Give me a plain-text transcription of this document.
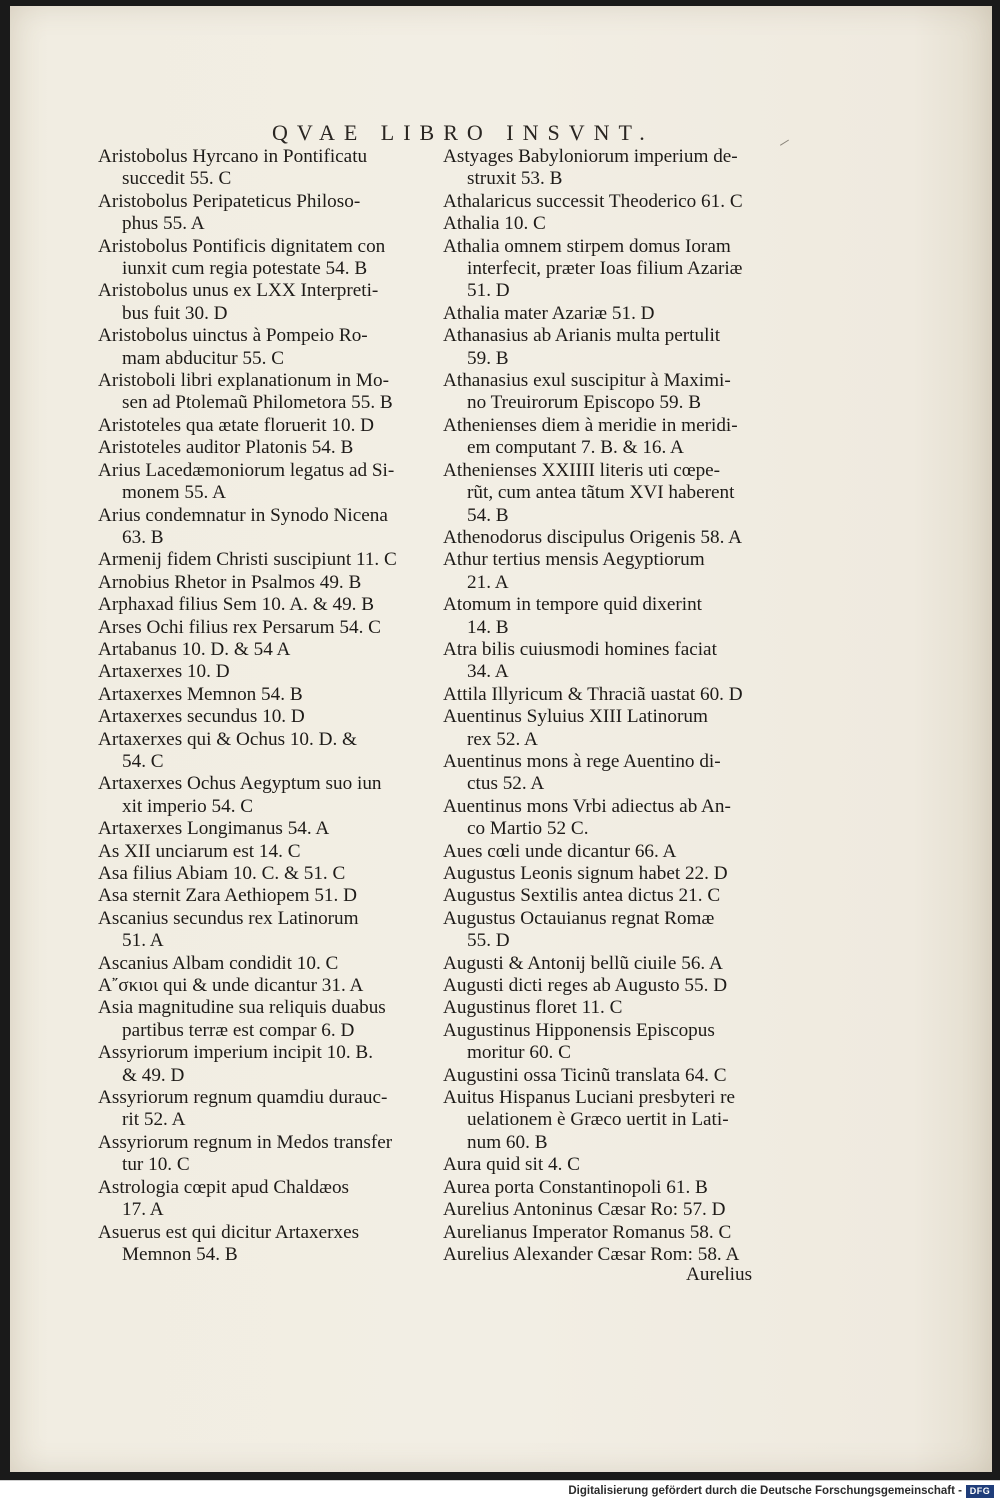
QVAE LIBRO INSVNT.
Aristobolus Hyrcano in Pontificatu
succedit 55. C
Aristobolus Peripateticus Philoso-
phus 55. A
Aristobolus Pontificis dignitatem con
iunxit cum regia potestate 54. B
Aristobolus unus ex LXX Interpreti-
bus fuit 30. D
Aristobolus uinctus à Pompeio Ro-
mam abducitur 55. C
Aristoboli libri explanationum in Mo-
sen ad Ptolemaũ Philometora 55. B
Aristoteles qua ætate floruerit 10. D
Aristoteles auditor Platonis 54. B
Arius Lacedæmoniorum legatus ad Si-
monem 55. A
Arius condemnatur in Synodo Nicena
63. B
Armenij fidem Christi suscipiunt 11. C
Arnobius Rhetor in Psalmos 49. B
Arphaxad filius Sem 10. A. & 49. B
Arses Ochi filius rex Persarum 54. C
Artabanus 10. D. & 54 A
Artaxerxes 10. D
Artaxerxes Memnon 54. B
Artaxerxes secundus 10. D
Artaxerxes qui & Ochus 10. D. &
54. C
Artaxerxes Ochus Aegyptum suo iun
xit imperio 54. C
Artaxerxes Longimanus 54. A
As XII unciarum est 14. C
Asa filius Abiam 10. C. & 51. C
Asa sternit Zara Aethiopem 51. D
Ascanius secundus rex Latinorum
51. A
Ascanius Albam condidit 10. C
Α῎σκιοι qui & unde dicantur 31. A
Asia magnitudine sua reliquis duabus
partibus terræ est compar 6. D
Assyriorum imperium incipit 10. B.
& 49. D
Assyriorum regnum quamdiu durauc-
rit 52. A
Assyriorum regnum in Medos transfer
tur 10. C
Astrologia cœpit apud Chaldæos
17. A
Asuerus est qui dicitur Artaxerxes
Memnon 54. B
Astyages Babyloniorum imperium de-
struxit 53. B
Athalaricus successit Theoderico 61. C
Athalia 10. C
Athalia omnem stirpem domus Ioram
interfecit, præter Ioas filium Azariæ
51. D
Athalia mater Azariæ 51. D
Athanasius ab Arianis multa pertulit
59. B
Athanasius exul suscipitur à Maximi-
no Treuirorum Episcopo 59. B
Athenienses diem à meridie in meridi-
em computant 7. B. & 16. A
Athenienses XXIIII literis uti cœpe-
rũt, cum antea tãtum XVI haberent
54. B
Athenodorus discipulus Origenis 58. A
Athur tertius mensis Aegyptiorum
21. A
Atomum in tempore quid dixerint
14. B
Atra bilis cuiusmodi homines faciat
34. A
Attila Illyricum & Thraciã uastat 60. D
Auentinus Syluius XIII Latinorum
rex 52. A
Auentinus mons à rege Auentino di-
ctus 52. A
Auentinus mons Vrbi adiectus ab An-
co Martio 52 C.
Aues cœli unde dicantur 66. A
Augustus Leonis signum habet 22. D
Augustus Sextilis antea dictus 21. C
Augustus Octauianus regnat Romæ
55. D
Augusti & Antonij bellũ ciuile 56. A
Augusti dicti reges ab Augusto 55. D
Augustinus floret 11. C
Augustinus Hipponensis Episcopus
moritur 60. C
Augustini ossa Ticinũ translata 64. C
Auitus Hispanus Luciani presbyteri re
uelationem è Græco uertit in Lati-
num 60. B
Aura quid sit 4. C
Aurea porta Constantinopoli 61. B
Aurelius Antoninus Cæsar Ro: 57. D
Aurelianus Imperator Romanus 58. C
Aurelius Alexander Cæsar Rom: 58. A
Aurelius
Digitalisierung gefördert durch die Deutsche Forschungsgemeinschaft - DFG
